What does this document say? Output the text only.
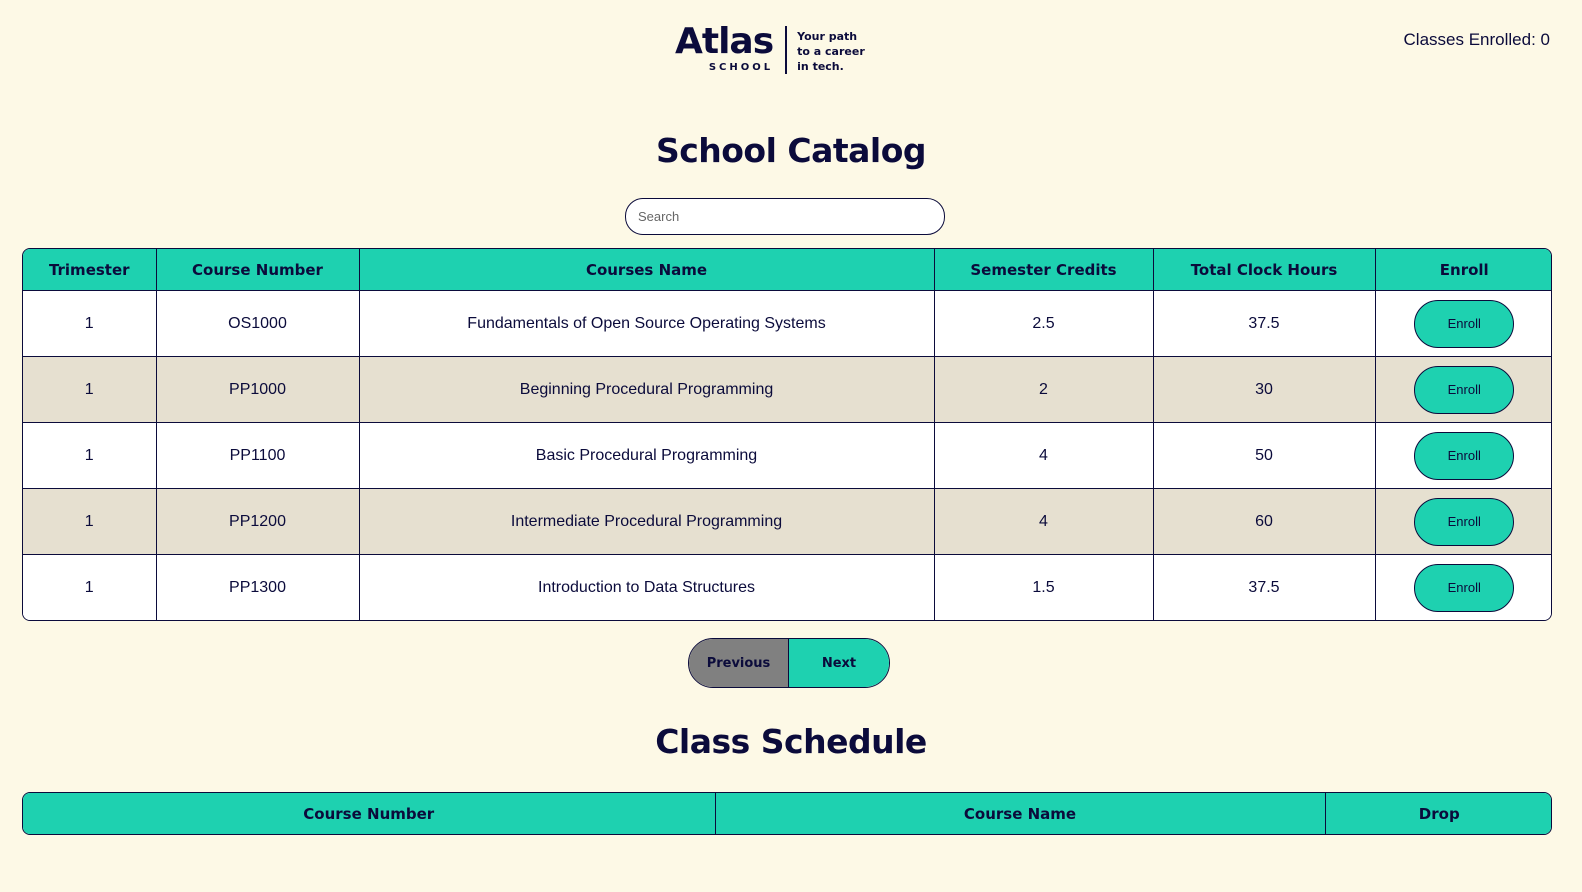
Atlas
SCHOOL
Your path
to a career
in tech.
Classes Enrolled: 0
School Catalog
Search
Trimester	Course Number	Courses Name	Semester Credits	Total Clock Hours	Enroll
1	OS1000	Fundamentals of Open Source Operating Systems	2.5	37.5	Enroll
1	PP1000	Beginning Procedural Programming	2	30	Enroll
1	PP1100	Basic Procedural Programming	4	50	Enroll
1	PP1200	Intermediate Procedural Programming	4	60	Enroll
1	PP1300	Introduction to Data Structures	1.5	37.5	Enroll
Previous	Next
Class Schedule
Course Number	Course Name	Drop
